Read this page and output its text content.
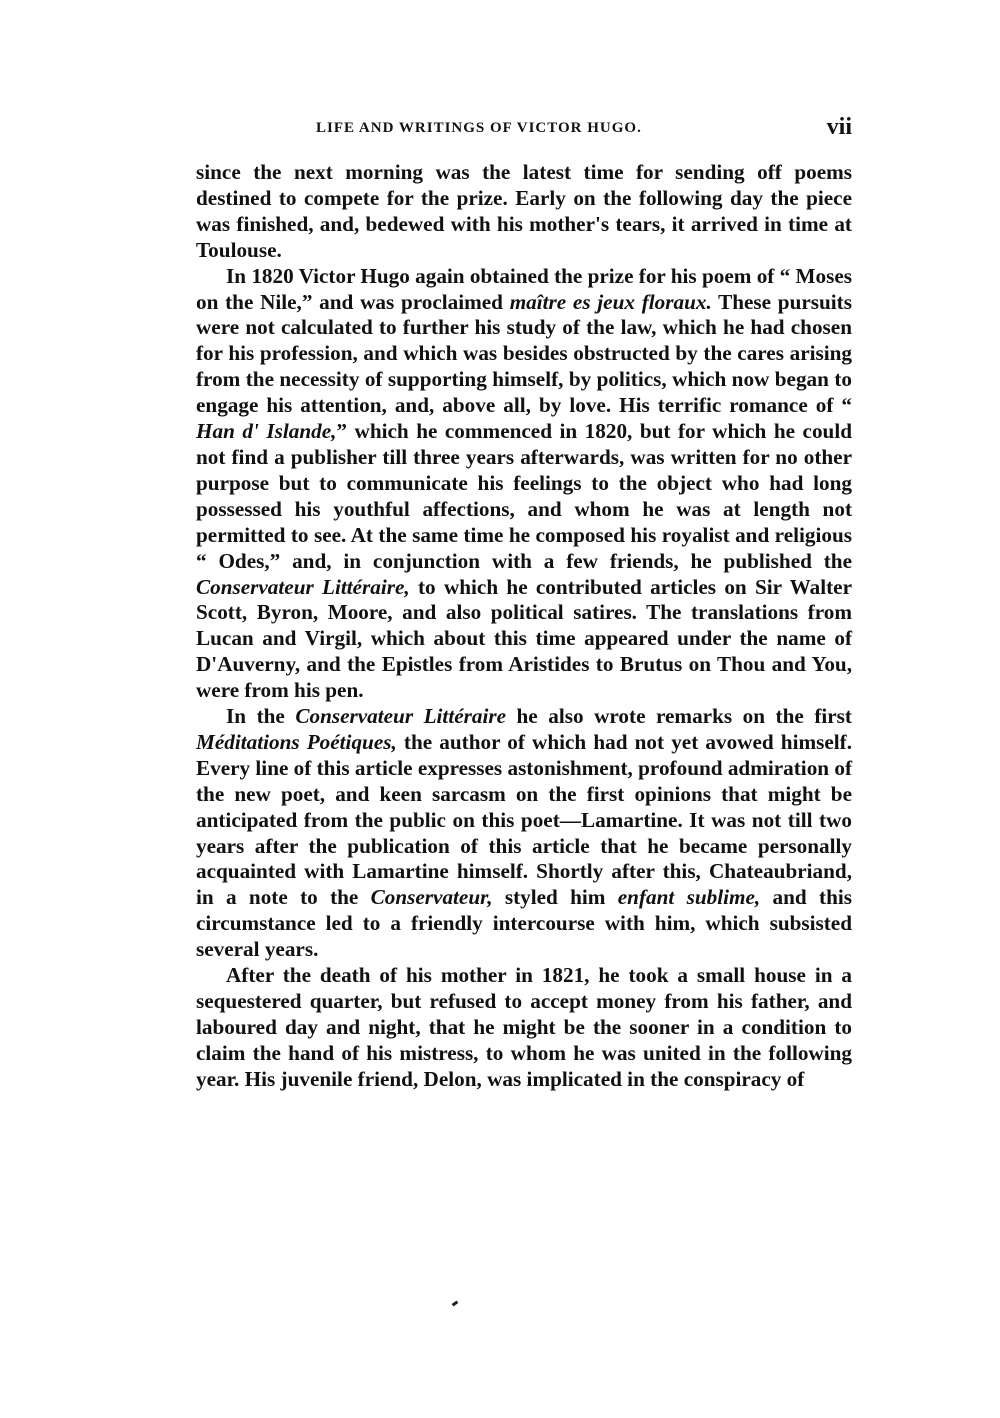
LIFE AND WRITINGS OF VICTOR HUGO.	vii

since the next morning was the latest time for sending off poems destined to compete for the prize. Early on the following day the piece was finished, and, bedewed with his mother's tears, it arrived in time at Toulouse.

In 1820 Victor Hugo again obtained the prize for his poem of “ Moses on the Nile,” and was proclaimed maître es jeux floraux. These pursuits were not calculated to further his study of the law, which he had chosen for his profession, and which was besides obstructed by the cares arising from the necessity of supporting himself, by politics, which now began to engage his attention, and, above all, by love. His terrific romance of “ Han d' Islande,” which he commenced in 1820, but for which he could not find a publisher till three years afterwards, was written for no other purpose but to communicate his feelings to the object who had long possessed his youthful affections, and whom he was at length not permitted to see. At the same time he composed his royalist and religious “ Odes,” and, in conjunction with a few friends, he published the Conservateur Littéraire, to which he contributed articles on Sir Walter Scott, Byron, Moore, and also political satires. The translations from Lucan and Virgil, which about this time appeared under the name of D'Auverny, and the Epistles from Aristides to Brutus on Thou and You, were from his pen.

In the Conservateur Littéraire he also wrote remarks on the first Méditations Poétiques, the author of which had not yet avowed himself. Every line of this article expresses astonishment, profound admiration of the new poet, and keen sarcasm on the first opinions that might be anticipated from the public on this poet—Lamartine. It was not till two years after the publication of this article that he became personally acquainted with Lamartine himself. Shortly after this, Chateaubriand, in a note to the Conservateur, styled him enfant sublime, and this circumstance led to a friendly intercourse with him, which subsisted several years.

After the death of his mother in 1821, he took a small house in a sequestered quarter, but refused to accept money from his father, and laboured day and night, that he might be the sooner in a condition to claim the hand of his mistress, to whom he was united in the following year. His juvenile friend, Delon, was implicated in the conspiracy of
